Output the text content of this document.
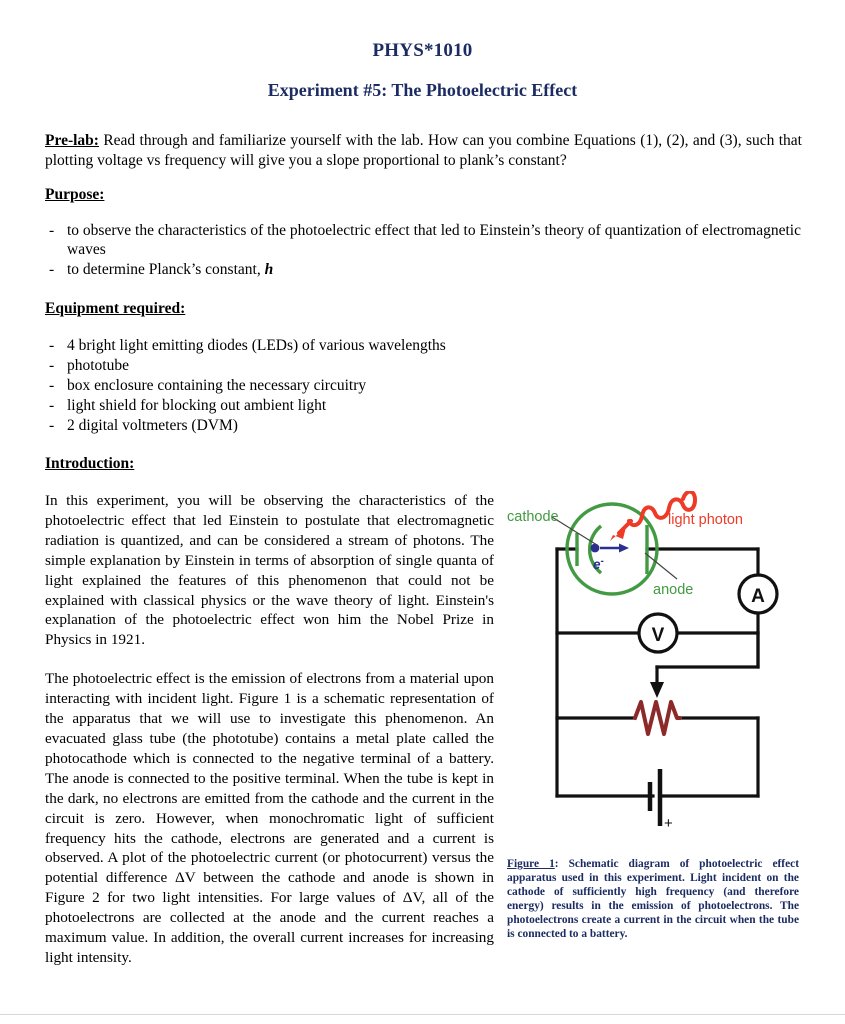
PHYS*1010
Experiment #5: The Photoelectric Effect
Pre-lab: Read through and familiarize yourself with the lab. How can you combine Equations (1), (2), and (3), such that plotting voltage vs frequency will give you a slope proportional to plank’s constant?
Purpose:
- to observe the characteristics of the photoelectric effect that led to Einstein’s theory of quantization of electromagnetic waves
- to determine Planck’s constant, h
Equipment required:
- 4 bright light emitting diodes (LEDs) of various wavelengths
- phototube
- box enclosure containing the necessary circuitry
- light shield for blocking out ambient light
- 2 digital voltmeters (DVM)
Introduction:

In this experiment, you will be observing the characteristics of the photoelectric effect that led Einstein to postulate that electromagnetic radiation is quantized, and can be considered a stream of photons. The simple explanation by Einstein in terms of absorption of single quanta of light explained the features of this phenomenon that could not be explained with classical physics or the wave theory of light. Einstein's explanation of the photoelectric effect won him the Nobel Prize in Physics in 1921.

The photoelectric effect is the emission of electrons from a material upon interacting with incident light. Figure 1 is a schematic representation of the apparatus that we will use to investigate this phenomenon. An evacuated glass tube (the phototube) contains a metal plate called the photocathode which is connected to the negative terminal of a battery. The anode is connected to the positive terminal. When the tube is kept in the dark, no electrons are emitted from the cathode and the current in the circuit is zero. However, when monochromatic light of sufficient frequency hits the cathode, electrons are generated and a current is observed. A plot of the photoelectric current (or photocurrent) versus the potential difference ΔV between the cathode and anode is shown in Figure 2 for two light intensities. For large values of ΔV, all of the photoelectrons are collected at the anode and the current reaches a maximum value. In addition, the overall current increases for increasing light intensity.

e-
cathode	light photon
anode	A
V
+
Figure 1: Schematic diagram of photoelectric effect apparatus used in this experiment. Light incident on the cathode of sufficiently high frequency (and therefore energy) results in the emission of photoelectrons. The photoelectrons create a current in the circuit when the tube is connected to a battery.
